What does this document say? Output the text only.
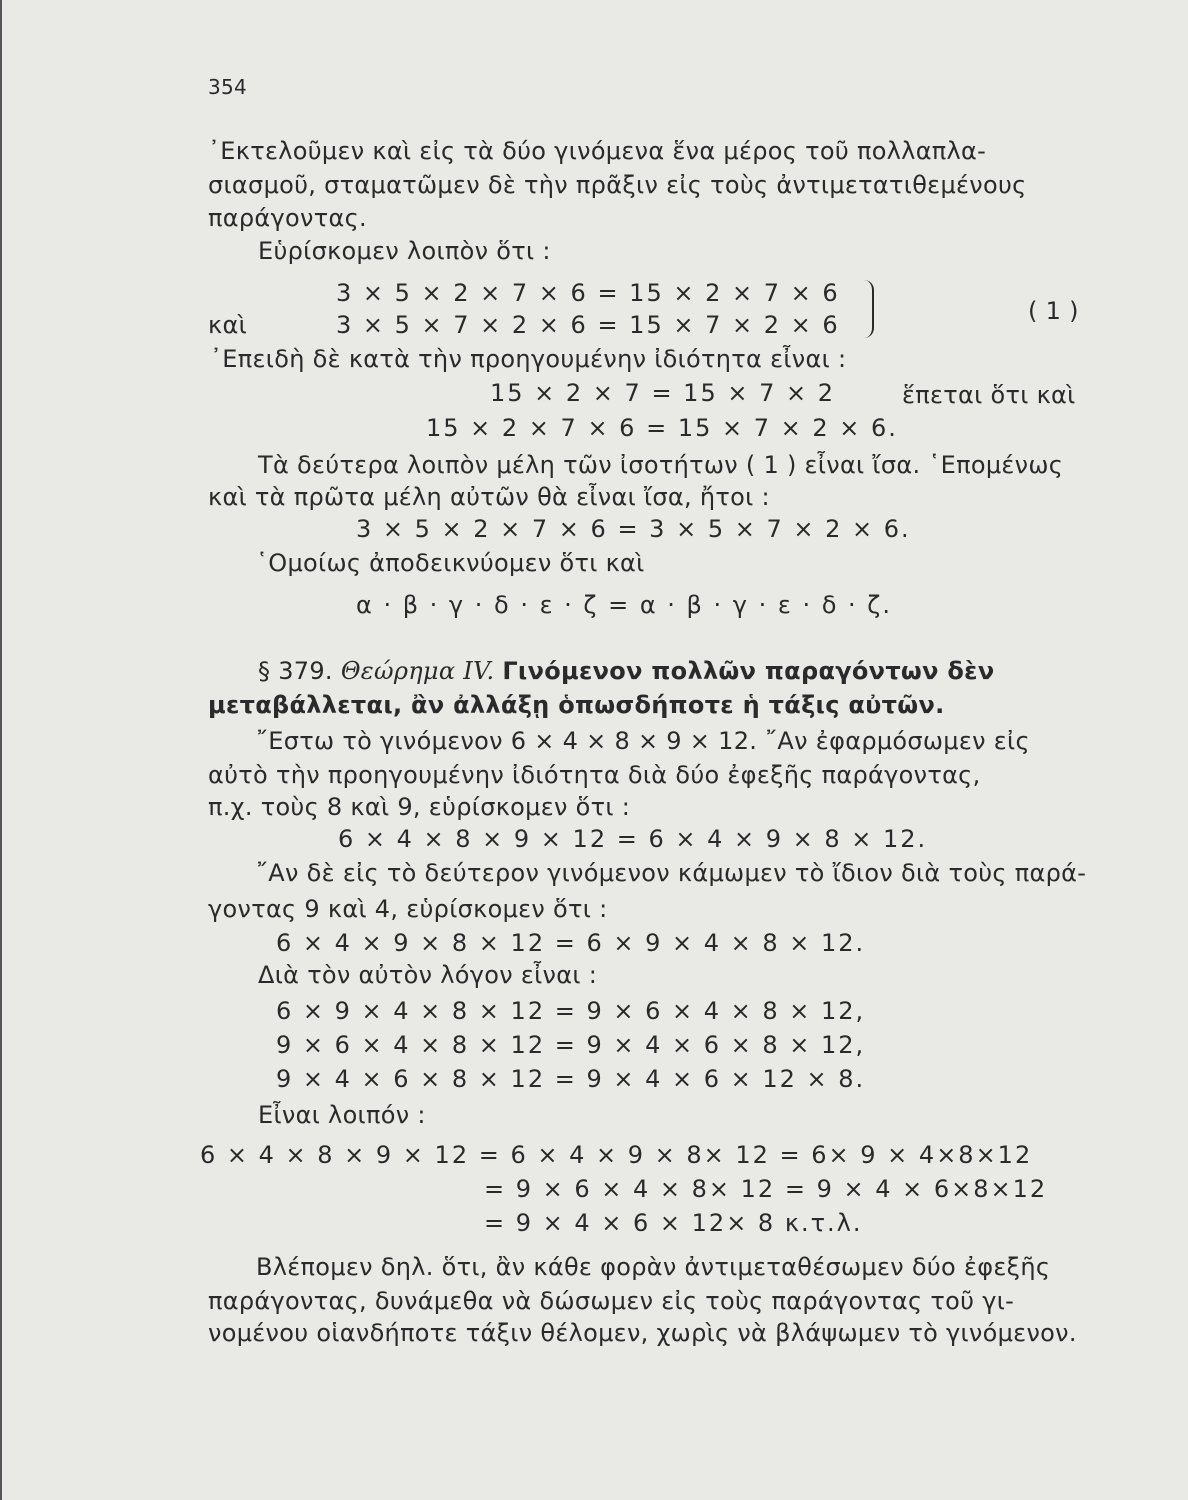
354
᾿Εκτελοῦμεν καὶ εἰς τὰ δύο γινόμενα ἕνα μέρος τοῦ πολλαπλα-
σιασμοῦ, σταματῶμεν δὲ τὴν πρᾶξιν εἰς τοὺς ἀντιμετατιθεμένους
παράγοντας.
Εὑρίσκομεν λοιπὸν ὅτι :
3 × 5 × 2 × 7 × 6 = 15 × 2 × 7 × 6
καὶ	3 × 5 × 7 × 2 × 6 = 15 × 7 × 2 × 6	( 1 )
᾿Επειδὴ δὲ κατὰ τὴν προηγουμένην ἰδιότητα εἶναι :
15 × 2 × 7 = 15 × 7 × 2	ἕπεται ὅτι καὶ
15 × 2 × 7 × 6 = 15 × 7 × 2 × 6.
Τὰ δεύτερα λοιπὸν μέλη τῶν ἰσοτήτων ( 1 ) εἶναι ἴσα. ῾Επομένως
καὶ τὰ πρῶτα μέλη αὐτῶν θὰ εἶναι ἴσα, ἤτοι :
3 × 5 × 2 × 7 × 6 = 3 × 5 × 7 × 2 × 6.
῾Ομοίως ἀποδεικνύομεν ὅτι καὶ
α · β · γ · δ · ε · ζ = α · β · γ · ε · δ · ζ.
§ 379. Θεώρημα IV. Γινόμενον πολλῶν παραγόντων δὲν
μεταβάλλεται, ἂν ἀλλάξῃ ὁπωσδήποτε ἡ τάξις αὐτῶν.
῎Εστω τὸ γινόμενον 6 × 4 × 8 × 9 × 12. ῎Αν ἐφαρμόσωμεν εἰς
αὐτὸ τὴν προηγουμένην ἰδιότητα διὰ δύο ἐφεξῆς παράγοντας,
π.χ. τοὺς 8 καὶ 9, εὑρίσκομεν ὅτι :
6 × 4 × 8 × 9 × 12 = 6 × 4 × 9 × 8 × 12.
῎Αν δὲ εἰς τὸ δεύτερον γινόμενον κάμωμεν τὸ ἴδιον διὰ τοὺς παρά-
γοντας 9 καὶ 4, εὑρίσκομεν ὅτι :
6 × 4 × 9 × 8 × 12 = 6 × 9 × 4 × 8 × 12.
Διὰ τὸν αὐτὸν λόγον εἶναι :
6 × 9 × 4 × 8 × 12 = 9 × 6 × 4 × 8 × 12,
9 × 6 × 4 × 8 × 12 = 9 × 4 × 6 × 8 × 12,
9 × 4 × 6 × 8 × 12 = 9 × 4 × 6 × 12 × 8.
Εἶναι λοιπόν :
6 × 4 × 8 × 9 × 12 = 6 × 4 × 9 × 8× 12 = 6× 9 × 4×8×12
= 9 × 6 × 4 × 8× 12 = 9 × 4 × 6×8×12
= 9 × 4 × 6 × 12× 8 κ.τ.λ.
Βλέπομεν δηλ. ὅτι, ἂν κάθε φορὰν ἀντιμεταθέσωμεν δύο ἐφεξῆς
παράγοντας, δυνάμεθα νὰ δώσωμεν εἰς τοὺς παράγοντας τοῦ γι-
νομένου οἱανδήποτε τάξιν θέλομεν, χωρὶς νὰ βλάψωμεν τὸ γινόμενον.
